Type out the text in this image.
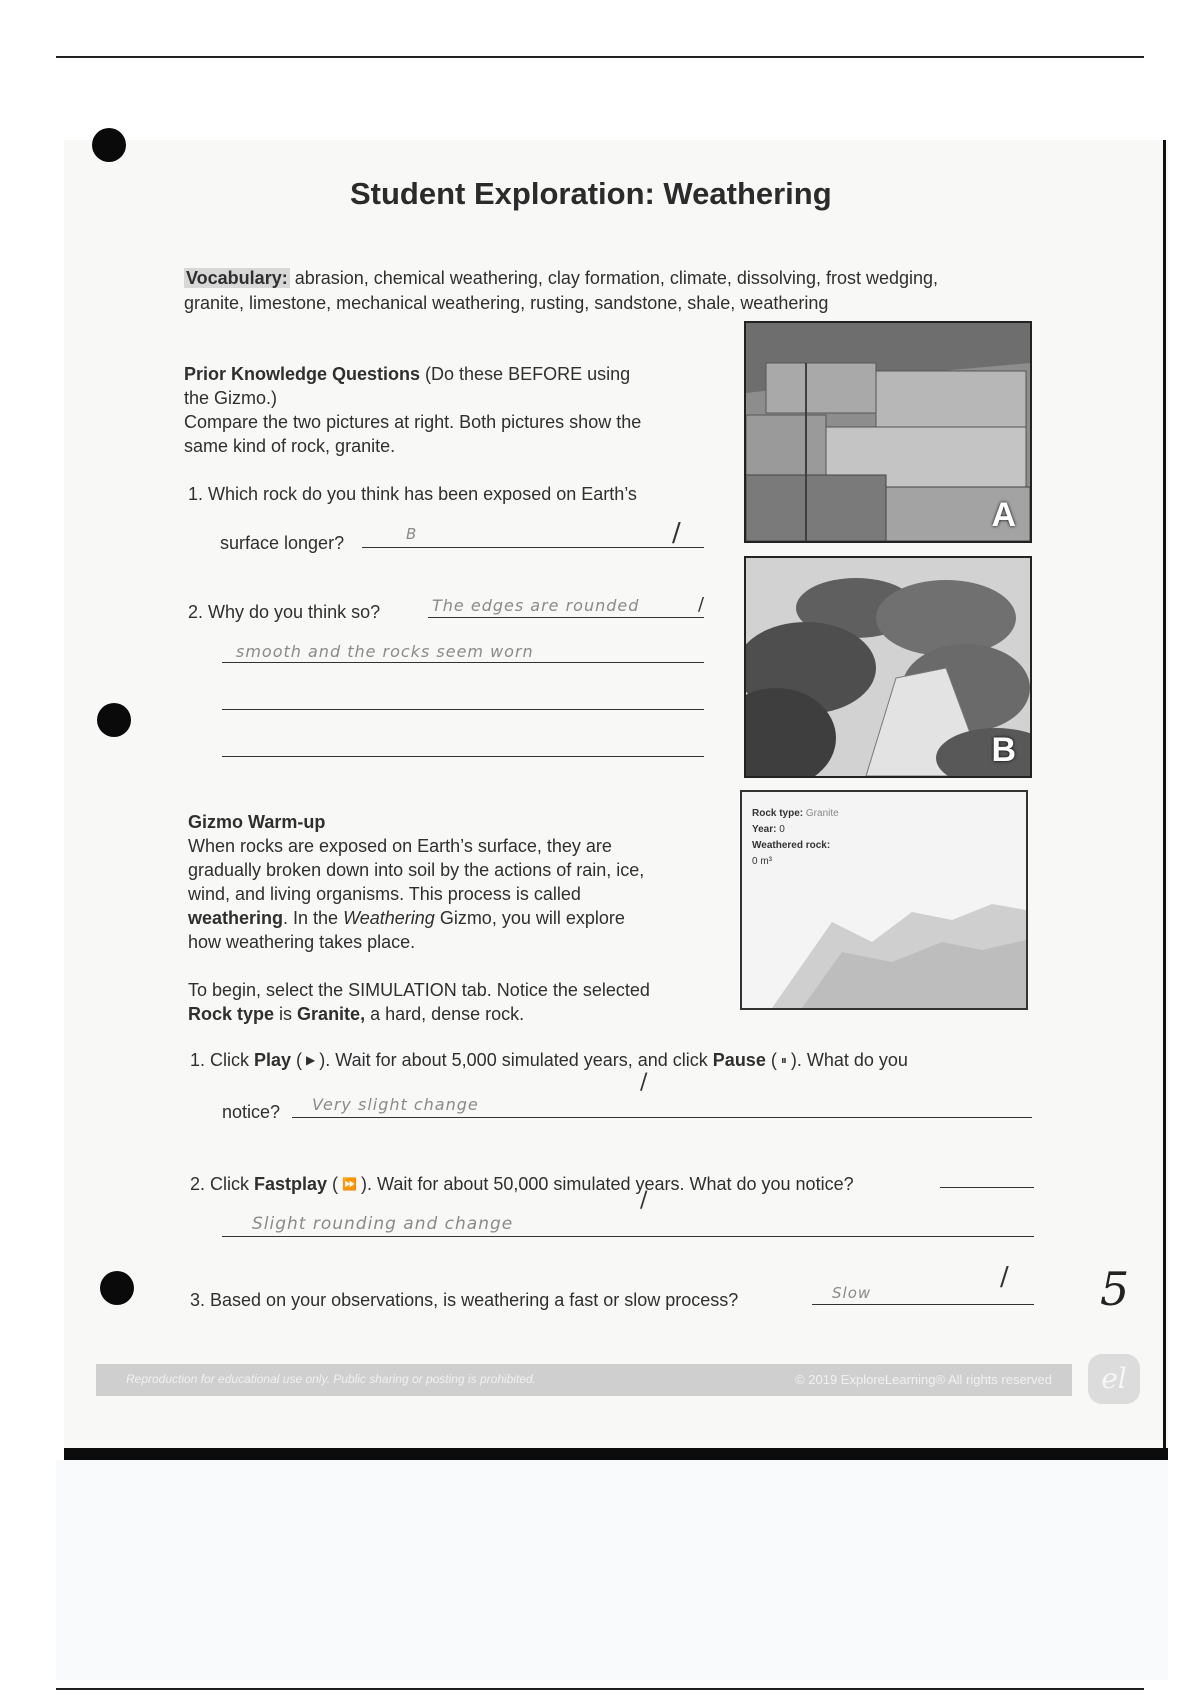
Student Exploration: Weathering
Vocabulary: abrasion, chemical weathering, clay formation, climate, dissolving, frost wedging,
granite, limestone, mechanical weathering, rusting, sandstone, shale, weathering
Prior Knowledge Questions (Do these BEFORE using
the Gizmo.)
Compare the two pictures at right. Both pictures show the
same kind of rock, granite.
1. Which rock do you think has been exposed on Earth’s
surface longer?	B	/
2. Why do you think so?	The edges are rounded	/
smooth and the rocks seem worn
A
B
Rock type: Granite
Year: 0
Weathered rock:
0 m³
Gizmo Warm-up
When rocks are exposed on Earth’s surface, they are
gradually broken down into soil by the actions of rain, ice,
wind, and living organisms. This process is called
weathering. In the Weathering Gizmo, you will explore
how weathering takes place.
To begin, select the SIMULATION tab. Notice the selected
Rock type is Granite, a hard, dense rock.
1. Click Play ( ▶ ). Wait for about 5,000 simulated years, and click Pause ( ⏸ ). What do you
notice? Very slight change
/
2. Click Fastplay ( ⏩ ). Wait for about 50,000 simulated years. What do you notice?
Slight rounding and change
/
3. Based on your observations, is weathering a fast or slow process?	Slow
/ 5
Reproduction for educational use only. Public sharing or posting is prohibited.	© 2019 ExploreLearning® All rights reserved	el
